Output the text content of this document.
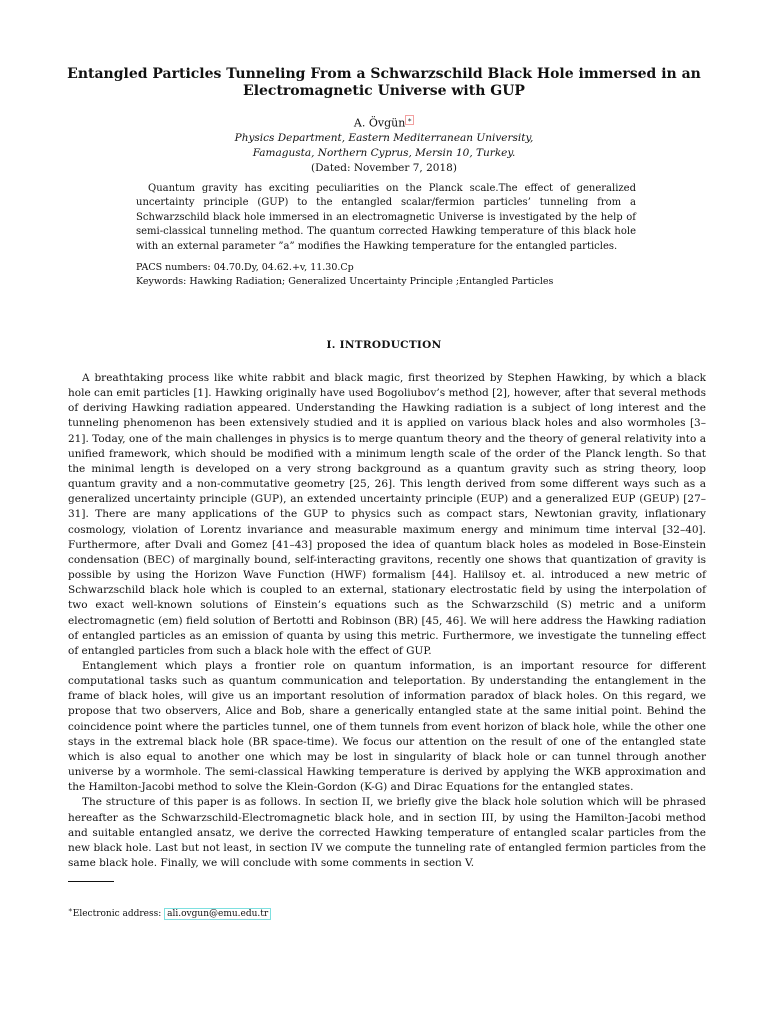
Entangled Particles Tunneling From a Schwarzschild Black Hole immersed in an Electromagnetic Universe with GUP
A. Övgün ∗
Physics Department, Eastern Mediterranean University,
Famagusta, Northern Cyprus, Mersin 10, Turkey.
(Dated: November 7, 2018)
Quantum gravity has exciting peculiarities on the Planck scale.The effect of generalized uncertainty principle (GUP) to the entangled scalar/fermion particles’ tunneling from a Schwarzschild black hole immersed in an electromagnetic Universe is investigated by the help of semi-classical tunneling method. The quantum corrected Hawking temperature of this black hole with an external parameter ”a” modifies the Hawking temperature for the entangled particles.
PACS numbers: 04.70.Dy, 04.62.+v, 11.30.Cp
Keywords: Hawking Radiation; Generalized Uncertainty Principle ;Entangled Particles
I. INTRODUCTION

A breathtaking process like white rabbit and black magic, first theorized by Stephen Hawking, by which a black hole can emit particles [1]. Hawking originally have used Bogoliubov’s method [2], however, after that several methods of deriving Hawking radiation appeared. Understanding the Hawking radiation is a subject of long interest and the tunneling phenomenon has been extensively studied and it is applied on various black holes and also wormholes [3–21]. Today, one of the main challenges in physics is to merge quantum theory and the theory of general relativity into a unified framework, which should be modified with a minimum length scale of the order of the Planck length. So that the minimal length is developed on a very strong background as a quantum gravity such as string theory, loop quantum gravity and a non-commutative geometry [25, 26]. This length derived from some different ways such as a generalized uncertainty principle (GUP), an extended uncertainty principle (EUP) and a generalized EUP (GEUP) [27–31]. There are many applications of the GUP to physics such as compact stars, Newtonian gravity, inflationary cosmology, violation of Lorentz invariance and measurable maximum energy and minimum time interval [32–40]. Furthermore, after Dvali and Gomez [41–43] proposed the idea of quantum black holes as modeled in Bose-Einstein condensation (BEC) of marginally bound, self-interacting gravitons, recently one shows that quantization of gravity is possible by using the Horizon Wave Function (HWF) formalism [44]. Halilsoy et. al. introduced a new metric of Schwarzschild black hole which is coupled to an external, stationary electrostatic field by using the interpolation of two exact well-known solutions of Einstein’s equations such as the Schwarzschild (S) metric and a uniform electromagnetic (em) field solution of Bertotti and Robinson (BR) [45, 46]. We will here address the Hawking radiation of entangled particles as an emission of quanta by using this metric. Furthermore, we investigate the tunneling effect of entangled particles from such a black hole with the effect of GUP.

Entanglement which plays a frontier role on quantum information, is an important resource for different computational tasks such as quantum communication and teleportation. By understanding the entanglement in the frame of black holes, will give us an important resolution of information paradox of black holes. On this regard, we propose that two observers, Alice and Bob, share a generically entangled state at the same initial point. Behind the coincidence point where the particles tunnel, one of them tunnels from event horizon of black hole, while the other one stays in the extremal black hole (BR space-time). We focus our attention on the result of one of the entangled state which is also equal to another one which may be lost in singularity of black hole or can tunnel through another universe by a wormhole. The semi-classical Hawking temperature is derived by applying the WKB approximation and the Hamilton-Jacobi method to solve the Klein-Gordon (K-G) and Dirac Equations for the entangled states.

The structure of this paper is as follows. In section II, we briefly give the black hole solution which will be phrased hereafter as the Schwarzschild-Electromagnetic black hole, and in section III, by using the Hamilton-Jacobi method and suitable entangled ansatz, we derive the corrected Hawking temperature of entangled scalar particles from the new black hole. Last but not least, in section IV we compute the tunneling rate of entangled fermion particles from the same black hole. Finally, we will conclude with some comments in section V.

∗Electronic address: ali.ovgun@emu.edu.tr
